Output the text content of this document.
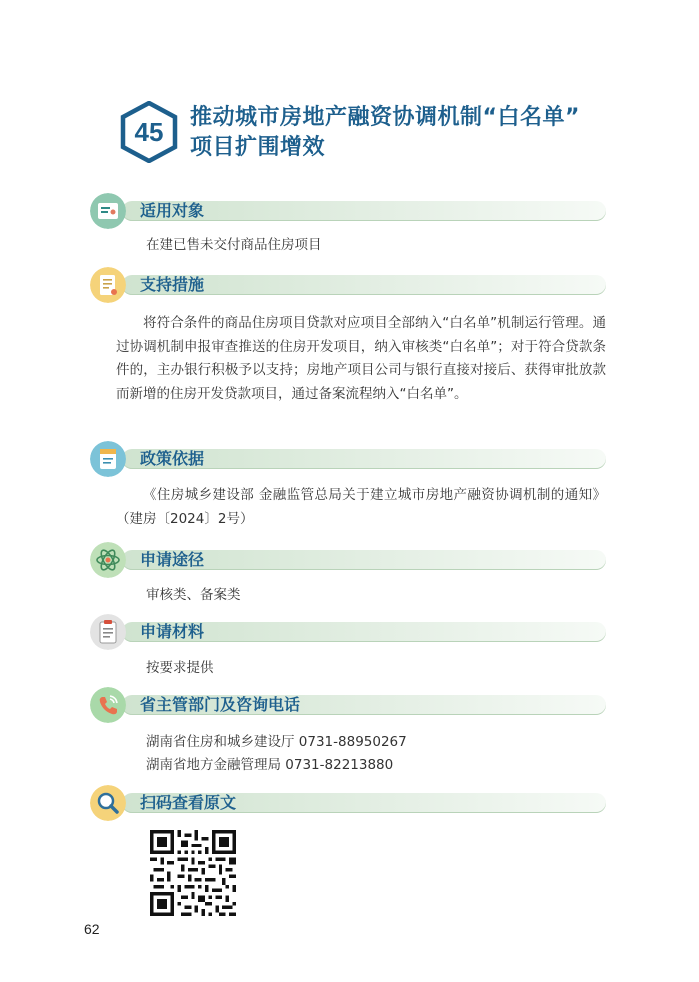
45	推动城市房地产融资协调机制“白名单”
项目扩围增效
适用对象
在建已售未交付商品住房项目
支持措施
将符合条件的商品住房项目贷款对应项目全部纳入“白名单”机制运行管理。通过协调机制申报审查推送的住房开发项目，纳入审核类“白名单”；对于符合贷款条件的，主办银行积极予以支持；房地产项目公司与银行直接对接后、获得审批放款而新增的住房开发贷款项目，通过备案流程纳入“白名单”。
政策依据
《住房城乡建设部 金融监管总局关于建立城市房地产融资协调机制的通知》（建房〔2024〕2号）
申请途径
审核类、备案类
申请材料
按要求提供
省主管部门及咨询电话
湖南省住房和城乡建设厅 0731-88950267
湖南省地方金融管理局 0731-82213880
扫码查看原文
62
